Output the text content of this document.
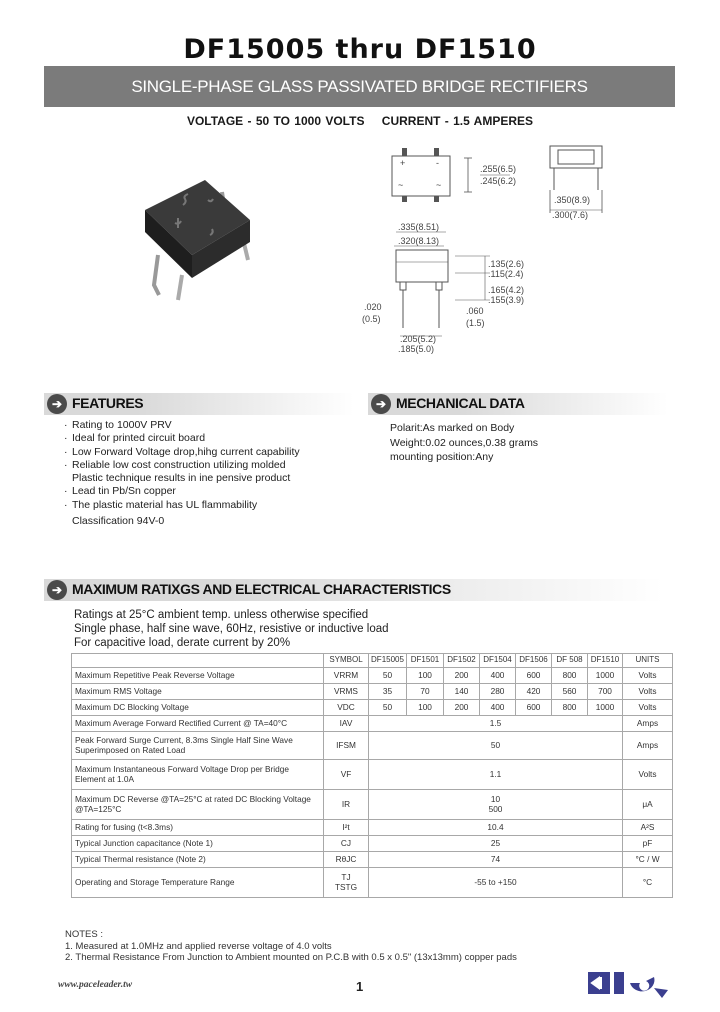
DF15005 thru DF1510
SINGLE-PHASE GLASS PASSIVATED BRIDGE RECTIFIERS
VOLTAGE - 50 TO 1000 VOLTS    CURRENT - 1.5 AMPERES
~	~
+	-
.255(6.5)
.245(6.2)
.350(8.9)
.300(7.6)
.335(8.51)
.320(8.13)
.135(2.6)
.115(2.4)
.165(4.2)
.155(3.9)
.020
(0.5)
.060
(1.5)
.205(5.2)
.185(5.0)
➔ FEATURES
· Rating to 1000V PRV
· Ideal for printed circuit board
· Low Forward Voltage drop,hihg current capability
· Reliable low cost construction utilizing molded
Plastic technique results in ine pensive product
· Lead tin Pb/Sn copper
· The plastic material has UL flammability
Classification 94V-0
➔ MECHANICAL DATA
Polarit:As marked on Body
Weight:0.02 ounces,0.38 grams
mounting position:Any
➔ MAXIMUM RATIXGS AND ELECTRICAL CHARACTERISTICS
Ratings at 25°C ambient temp. unless otherwise specified
Single phase, half sine wave, 60Hz, resistive or inductive load
For capacitive load, derate current by 20%
	SYMBOL	DF15005	DF1501	DF1502	DF1504	DF1506	DF 508	DF1510	UNITS
Maximum Repetitive Peak Reverse Voltage	VRRM	50	100	200	400	600	800	1000	Volts
Maximum RMS Voltage	VRMS	35	70	140	280	420	560	700	Volts
Maximum DC Blocking Voltage	VDC	50	100	200	400	600	800	1000	Volts
Maximum Average Forward Rectified Current @ TA=40°C	IAV	1.5							Amps
Peak Forward Surge Current, 8.3ms Single Half Sine Wave Superimposed on Rated Load	IFSM	50							Amps
Maximum Instantaneous Forward Voltage Drop per Bridge Element at 1.0A	VF	1.1							Volts
Maximum DC Reverse @TA=25°C at rated DC Blocking Voltage @TA=125°C	IR	10
500							μA
Rating for fusing (t<8.3ms)	I²t	10.4							A²S
Typical Junction capacitance (Note 1)	CJ	25							pF
Typical Thermal resistance (Note 2)	RθJC	74							°C / W
Operating and Storage Temperature Range	TJ
TSTG	-55 to +150							°C
NOTES :
1. Measured at 1.0MHz and applied reverse voltage of 4.0 volts
2. Thermal Resistance From Junction to Ambient mounted on P.C.B with 0.5 x 0.5" (13x13mm) copper pads
www.paceleader.tw	1
